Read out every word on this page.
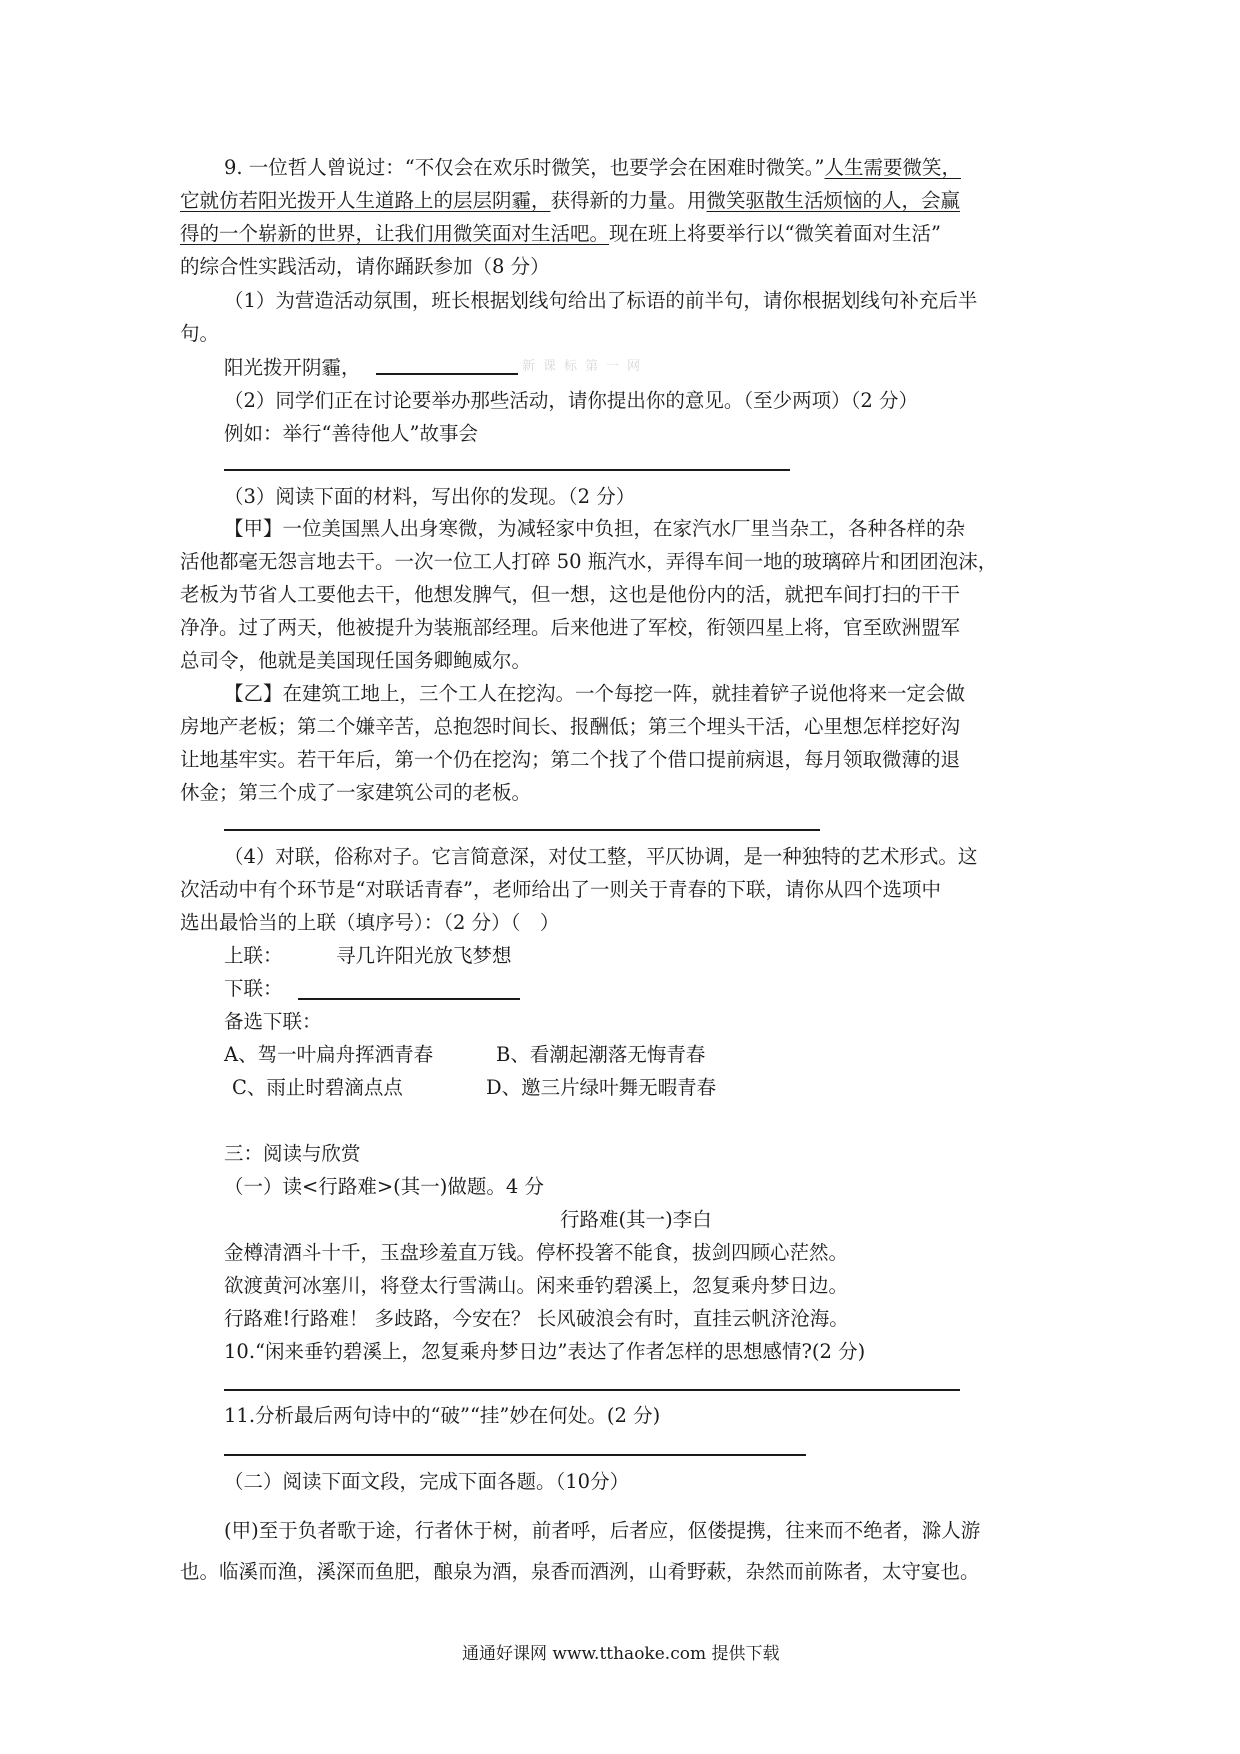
9. 一位哲人曾说过：“不仅会在欢乐时微笑，也要学会在困难时微笑。”人生需要微笑，
它就仿若阳光拨开人生道路上的层层阴霾，获得新的力量。用微笑驱散生活烦恼的人，会赢
得的一个崭新的世界，让我们用微笑面对生活吧。现在班上将要举行以“微笑着面对生活”
的综合性实践活动，请你踊跃参加（8 分）
（1）为营造活动氛围，班长根据划线句给出了标语的前半句，请你根据划线句补充后半
句。
阳光拨开阴霾，	新课标第一网
（2）同学们正在讨论要举办那些活动，请你提出你的意见。（至少两项）（2 分）
例如：举行“善待他人”故事会
（3）阅读下面的材料，写出你的发现。（2 分）
【甲】一位美国黑人出身寒微，为减轻家中负担，在家汽水厂里当杂工，各种各样的杂
活他都毫无怨言地去干。一次一位工人打碎 50 瓶汽水，弄得车间一地的玻璃碎片和团团泡沫，
老板为节省人工要他去干，他想发脾气，但一想，这也是他份内的活，就把车间打扫的干干
净净。过了两天，他被提升为装瓶部经理。后来他进了军校，衔领四星上将，官至欧洲盟军
总司令，他就是美国现任国务卿鲍威尔。
【乙】在建筑工地上，三个工人在挖沟。一个每挖一阵，就挂着铲子说他将来一定会做
房地产老板；第二个嫌辛苦，总抱怨时间长、报酬低；第三个埋头干活，心里想怎样挖好沟
让地基牢实。若干年后，第一个仍在挖沟；第二个找了个借口提前病退，每月领取微薄的退
休金；第三个成了一家建筑公司的老板。
（4）对联，俗称对子。它言简意深，对仗工整，平仄协调，是一种独特的艺术形式。这
次活动中有个环节是“对联话青春”，老师给出了一则关于青春的下联，请你从四个选项中
选出最恰当的上联（填序号）：（2 分）（　）
上联：	寻几许阳光放飞梦想
下联：
备选下联：
A、驾一叶扁舟挥洒青春	B、看潮起潮落无悔青春
C、雨止时碧滴点点	D、邀三片绿叶舞无暇青春
三：阅读与欣赏
（一）读<行路难>(其一)做题。4 分
行路难(其一)李白
金樽清酒斗十千，玉盘珍羞直万钱。停杯投箸不能食，拔剑四顾心茫然。
欲渡黄河冰塞川，将登太行雪满山。闲来垂钓碧溪上，忽复乘舟梦日边。
行路难!行路难！ 多歧路，今安在？ 长风破浪会有时，直挂云帆济沧海。
10.“闲来垂钓碧溪上，忽复乘舟梦日边”表达了作者怎样的思想感情?(2 分)
11.分析最后两句诗中的“破”“挂”妙在何处。(2 分)
（二）阅读下面文段，完成下面各题。（10分）
(甲)至于负者歌于途，行者休于树，前者呼，后者应，伛偻提携，往来而不绝者，滁人游
也。临溪而渔，溪深而鱼肥，酿泉为酒，泉香而酒洌，山肴野蔌，杂然而前陈者，太守宴也。
通通好课网 www.tthaoke.com 提供下载
